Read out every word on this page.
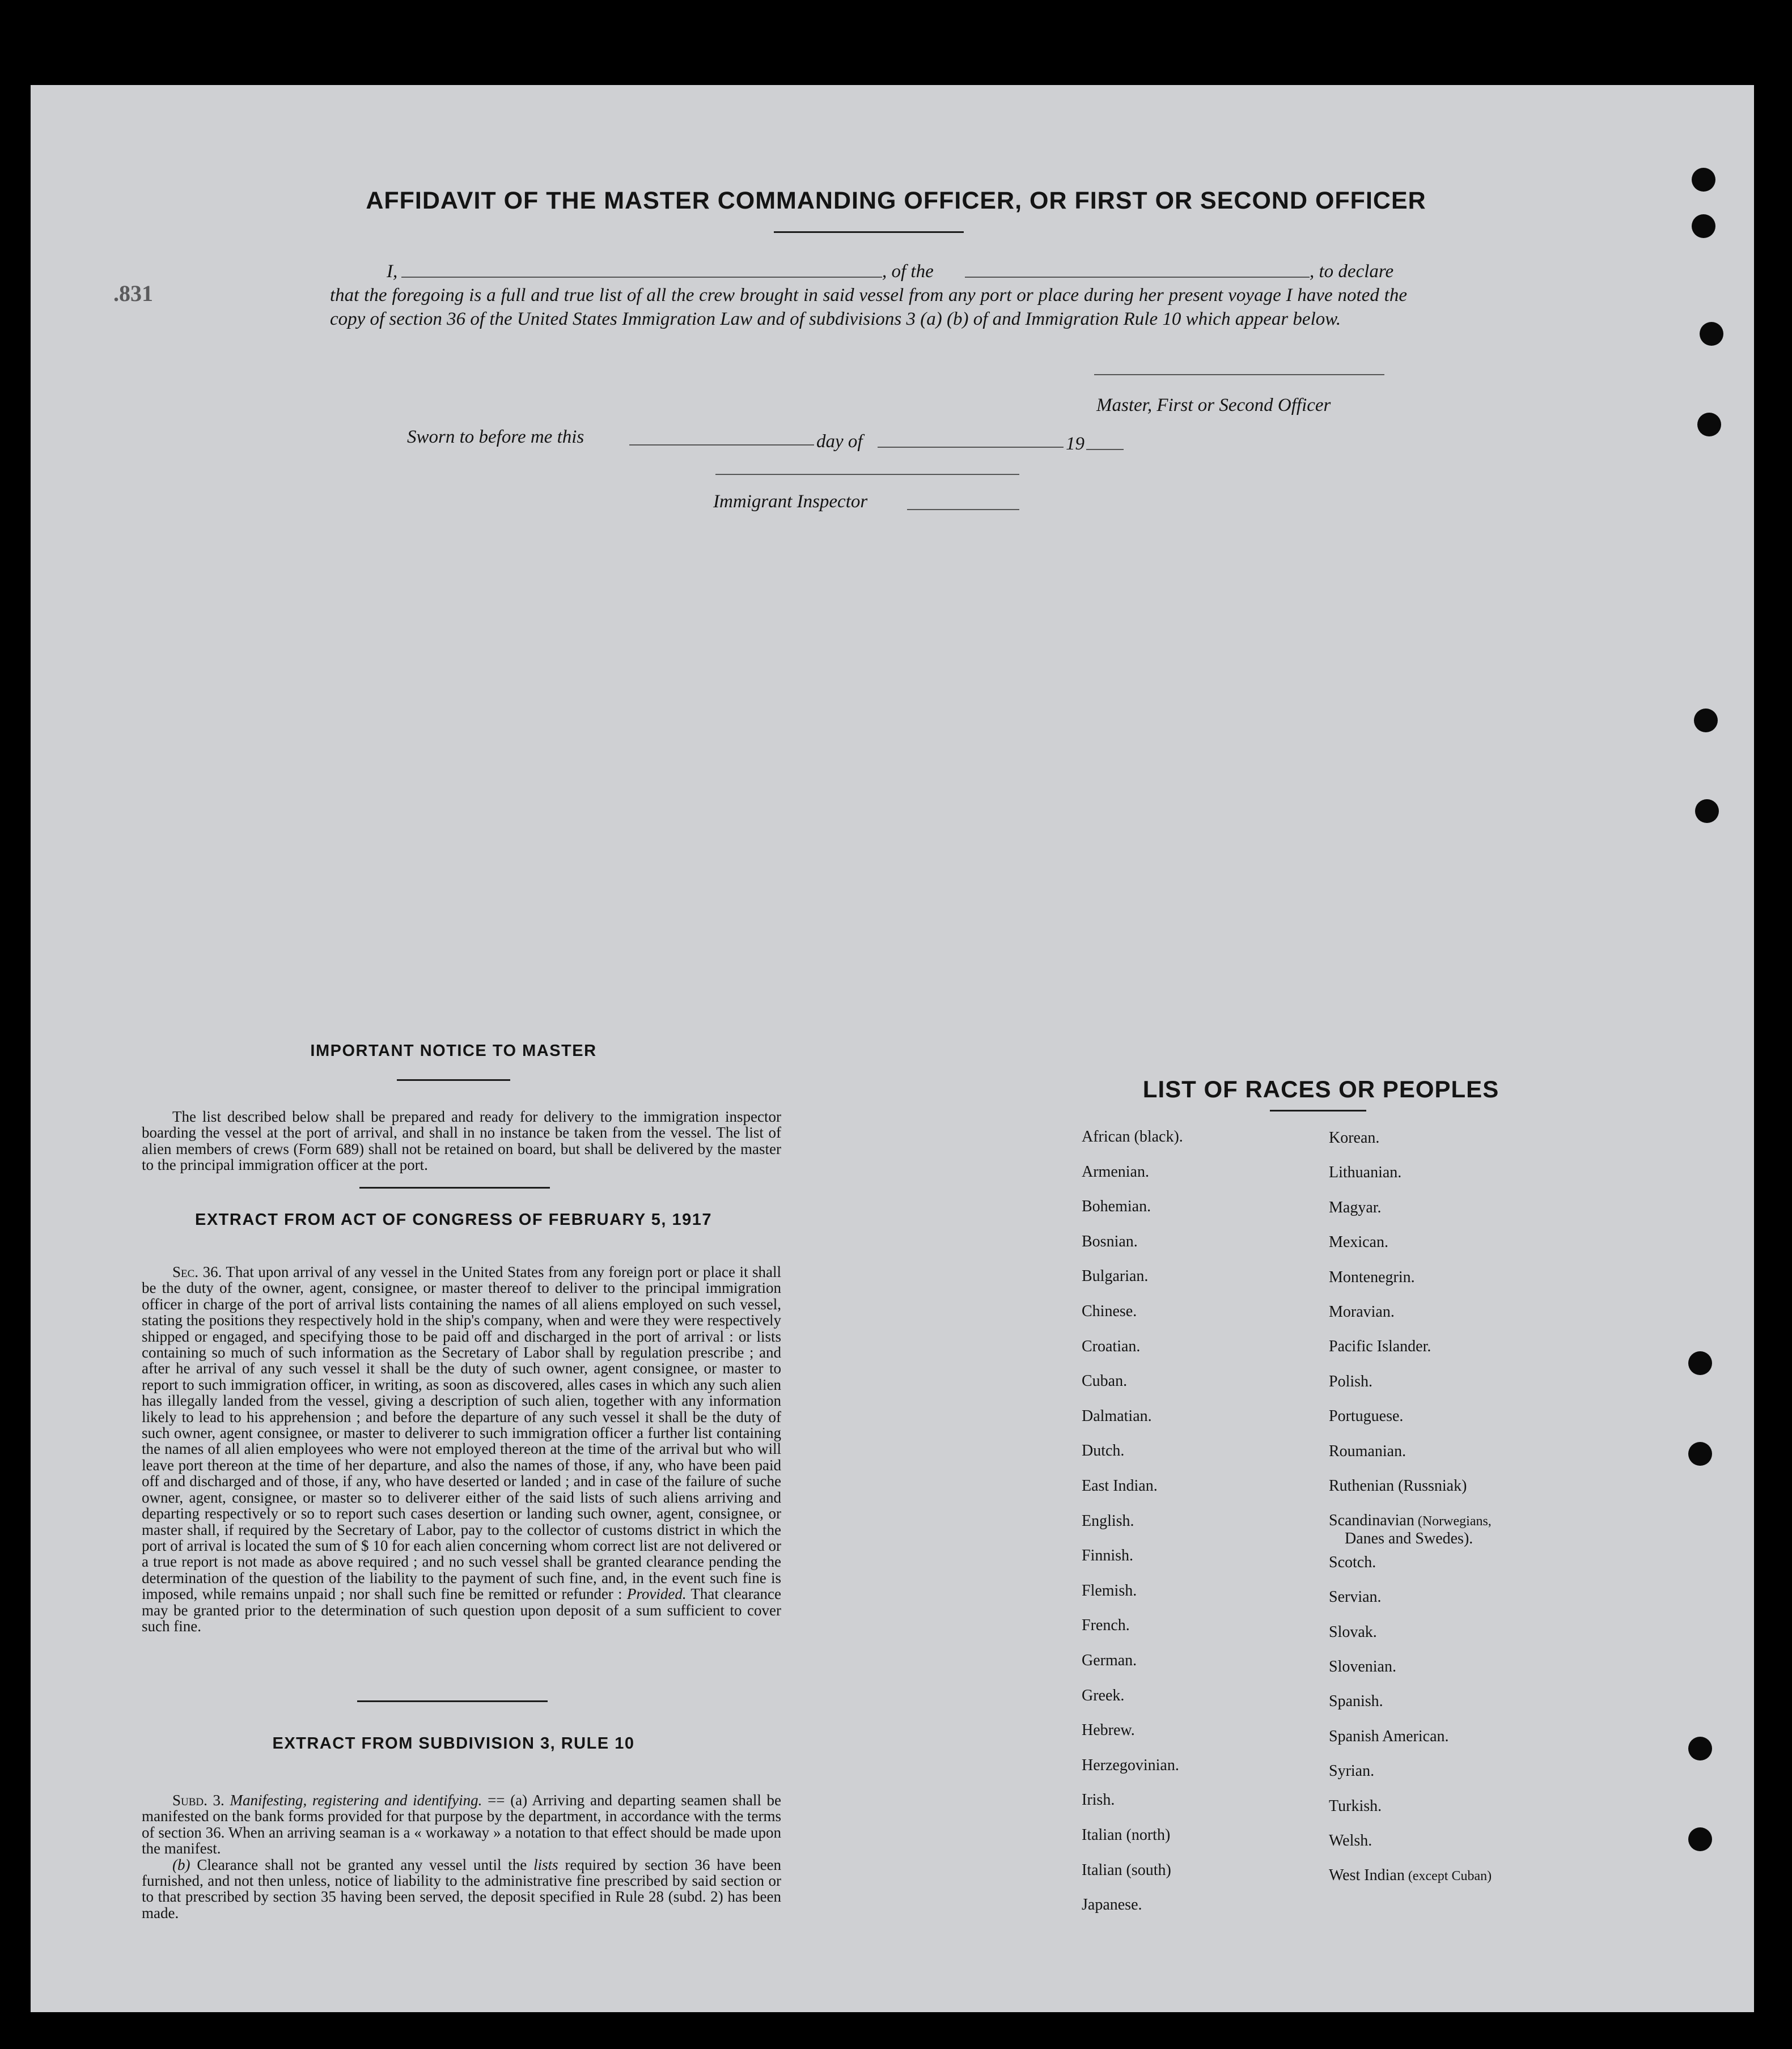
.831
AFFIDAVIT OF THE MASTER COMMANDING OFFICER, OR FIRST OR SECOND OFFICER
I,	, of the	, to declare
that the foregoing is a full and true list of all the crew brought in said vessel from any port or place during her present voyage I have noted the copy of section 36 of the United States Immigration Law and of subdivisions 3 (a) (b) of and Immigration Rule 10 which appear below.
Master, First or Second Officer
Sworn to before me this	day of	19
Immigrant Inspector
IMPORTANT NOTICE TO MASTER
The list described below shall be prepared and ready for delivery to the immigration inspector boarding the vessel at the port of arrival, and shall in no instance be taken from the vessel. The list of alien members of crews (Form 689) shall not be retained on board, but shall be delivered by the master to the principal immigration officer at the port.
EXTRACT FROM ACT OF CONGRESS OF FEBRUARY 5, 1917
Sec. 36. That upon arrival of any vessel in the United States from any foreign port or place it shall be the duty of the owner, agent, consignee, or master thereof to deliver to the principal immigration officer in charge of the port of arrival lists containing the names of all aliens employed on such vessel, stating the positions they respectively hold in the ship's company, when and were they were respectively shipped or engaged, and specifying those to be paid off and discharged in the port of arrival : or lists containing so much of such information as the Secretary of Labor shall by regulation prescribe ; and after he arrival of any such vessel it shall be the duty of such owner, agent consignee, or master to report to such immigration officer, in writing, as soon as discovered, alles cases in which any such alien has illegally landed from the vessel, giving a description of such alien, together with any information likely to lead to his apprehension ; and before the departure of any such vessel it shall be the duty of such owner, agent consignee, or master to deliverer to such immigration officer a further list containing the names of all alien employees who were not employed thereon at the time of the arrival but who will leave port thereon at the time of her departure, and also the names of those, if any, who have been paid off and discharged and of those, if any, who have deserted or landed ; and in case of the failure of suche owner, agent, consignee, or master so to deliverer either of the said lists of such aliens arriving and departing respectively or so to report such cases desertion or landing such owner, agent, consignee, or master shall, if required by the Secretary of Labor, pay to the collector of customs district in which the port of arrival is located the sum of $ 10 for each alien concerning whom correct list are not delivered or a true report is not made as above required ; and no such vessel shall be granted clearance pending the determination of the question of the liability to the payment of such fine, and, in the event such fine is imposed, while remains unpaid ; nor shall such fine be remitted or refunder : Provided. That clearance may be granted prior to the determination of such question upon deposit of a sum sufficient to cover such fine.
EXTRACT FROM SUBDIVISION 3, RULE 10
Subd. 3. Manifesting, registering and identifying. == (a) Arriving and departing seamen shall be manifested on the bank forms provided for that purpose by the department, in accordance with the terms of section 36. When an arriving seaman is a « workaway » a notation to that effect should be made upon the manifest.
(b) Clearance shall not be granted any vessel until the lists required by section 36 have been furnished, and not then unless, notice of liability to the administrative fine prescribed by said section or to that prescribed by section 35 having been served, the deposit specified in Rule 28 (subd. 2) has been made.
LIST OF RACES OR PEOPLES
African (black).
Armenian.
Bohemian.
Bosnian.
Bulgarian.
Chinese.
Croatian.
Cuban.
Dalmatian.
Dutch.
East Indian.
English.
Finnish.
Flemish.
French.
German.
Greek.
Hebrew.
Herzegovinian.
Irish.
Italian (north)
Italian (south)
Japanese.
Korean.
Lithuanian.
Magyar.
Mexican.
Montenegrin.
Moravian.
Pacific Islander.
Polish.
Portuguese.
Roumanian.
Ruthenian (Russniak)
Scandinavian (Norwegians,
Danes and Swedes).
Scotch.
Servian.
Slovak.
Slovenian.
Spanish.
Spanish American.
Syrian.
Turkish.
Welsh.
West Indian (except Cuban)
